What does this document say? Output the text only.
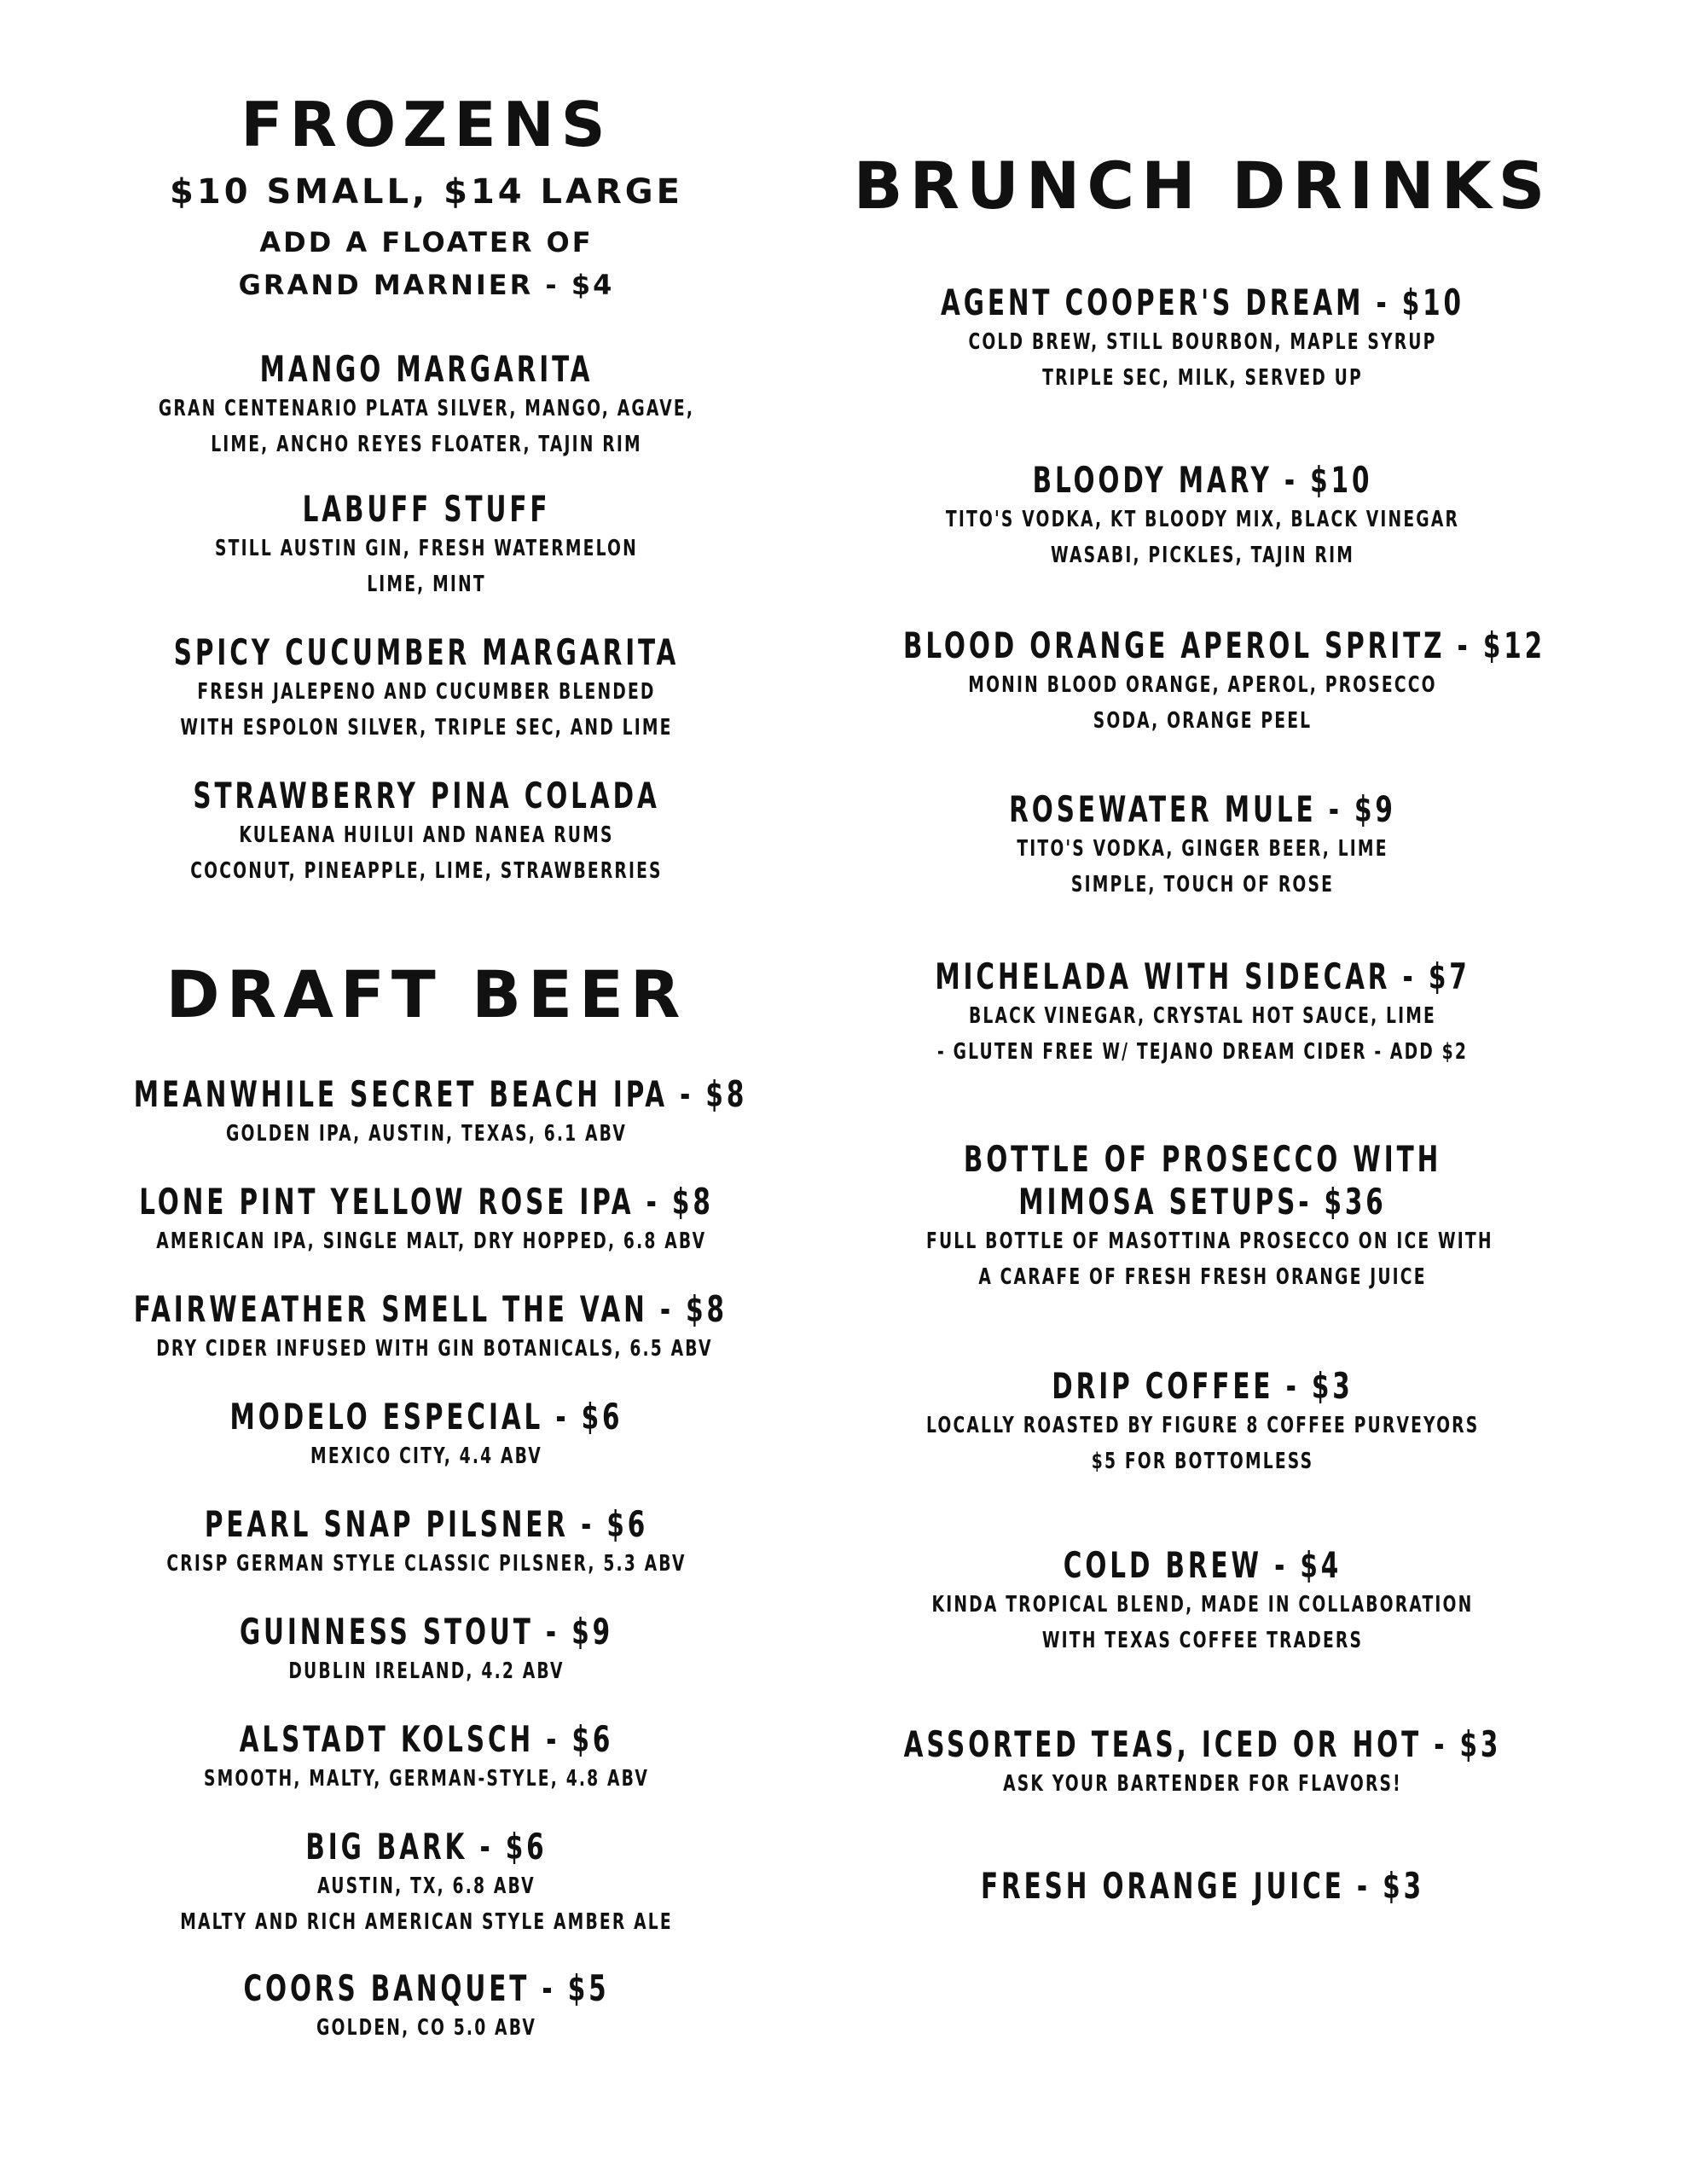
FROZENS
$10 SMALL, $14 LARGE
ADD A FLOATER OF
GRAND MARNIER - $4
MANGO MARGARITA
GRAN CENTENARIO PLATA SILVER, MANGO, AGAVE,
LIME, ANCHO REYES FLOATER, TAJIN RIM
LABUFF STUFF
STILL AUSTIN GIN, FRESH WATERMELON
LIME, MINT
SPICY CUCUMBER MARGARITA
FRESH JALEPENO AND CUCUMBER BLENDED
WITH ESPOLON SILVER, TRIPLE SEC, AND LIME
STRAWBERRY PINA COLADA
KULEANA HUILUI AND NANEA RUMS
COCONUT, PINEAPPLE, LIME, STRAWBERRIES
DRAFT BEER
MEANWHILE SECRET BEACH IPA - $8
GOLDEN IPA, AUSTIN, TEXAS, 6.1 ABV
LONE PINT YELLOW ROSE IPA - $8
AMERICAN IPA, SINGLE MALT, DRY HOPPED, 6.8 ABV
FAIRWEATHER SMELL THE VAN - $8
DRY CIDER INFUSED WITH GIN BOTANICALS, 6.5 ABV
MODELO ESPECIAL - $6
MEXICO CITY, 4.4 ABV
PEARL SNAP PILSNER - $6
CRISP GERMAN STYLE CLASSIC PILSNER, 5.3 ABV
GUINNESS STOUT - $9
DUBLIN IRELAND, 4.2 ABV
ALSTADT KOLSCH - $6
SMOOTH, MALTY, GERMAN-STYLE, 4.8 ABV
BIG BARK - $6
AUSTIN, TX, 6.8 ABV
MALTY AND RICH AMERICAN STYLE AMBER ALE
COORS BANQUET - $5
GOLDEN, CO 5.0 ABV
BRUNCH DRINKS
AGENT COOPER'S DREAM - $10
COLD BREW, STILL BOURBON, MAPLE SYRUP
TRIPLE SEC, MILK, SERVED UP
BLOODY MARY - $10
TITO'S VODKA, KT BLOODY MIX, BLACK VINEGAR
WASABI, PICKLES, TAJIN RIM
BLOOD ORANGE APEROL SPRITZ - $12
MONIN BLOOD ORANGE, APEROL, PROSECCO
SODA, ORANGE PEEL
ROSEWATER MULE - $9
TITO'S VODKA, GINGER BEER, LIME
SIMPLE, TOUCH OF ROSE
MICHELADA WITH SIDECAR - $7
BLACK VINEGAR, CRYSTAL HOT SAUCE, LIME
- GLUTEN FREE W/ TEJANO DREAM CIDER - ADD $2
BOTTLE OF PROSECCO WITH
MIMOSA SETUPS- $36
FULL BOTTLE OF MASOTTINA PROSECCO ON ICE WITH
A CARAFE OF FRESH FRESH ORANGE JUICE
DRIP COFFEE - $3
LOCALLY ROASTED BY FIGURE 8 COFFEE PURVEYORS
$5 FOR BOTTOMLESS
COLD BREW - $4
KINDA TROPICAL BLEND, MADE IN COLLABORATION
WITH TEXAS COFFEE TRADERS
ASSORTED TEAS, ICED OR HOT - $3
ASK YOUR BARTENDER FOR FLAVORS!
FRESH ORANGE JUICE - $3
